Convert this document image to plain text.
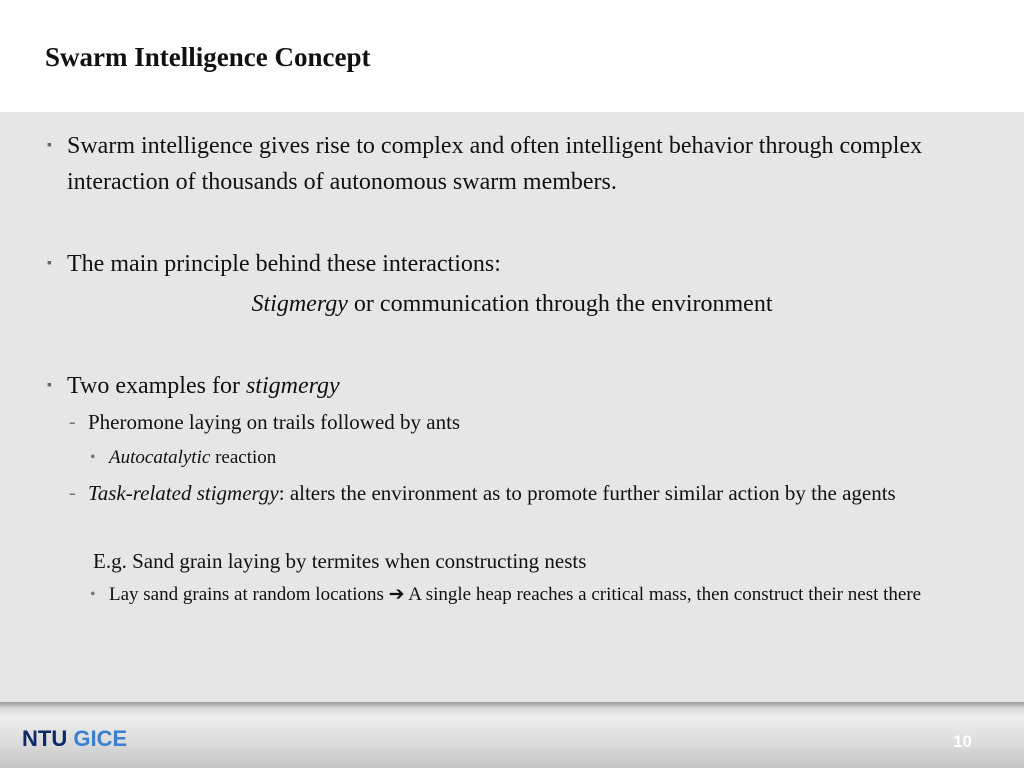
Swarm Intelligence Concept
▪ Swarm intelligence gives rise to complex and often intelligent behavior through complex interaction of thousands of autonomous swarm members.
▪ The main principle behind these interactions:
Stigmergy or communication through the environment
▪ Two examples for stigmergy
- Pheromone laying on trails followed by ants
• Autocatalytic reaction
- Task-related stigmergy: alters the environment as to promote further similar action by the agents
E.g. Sand grain laying by termites when constructing nests
• Lay sand grains at random locations ➔ A single heap reaches a critical mass, then construct their nest there
NTU GICE	10
